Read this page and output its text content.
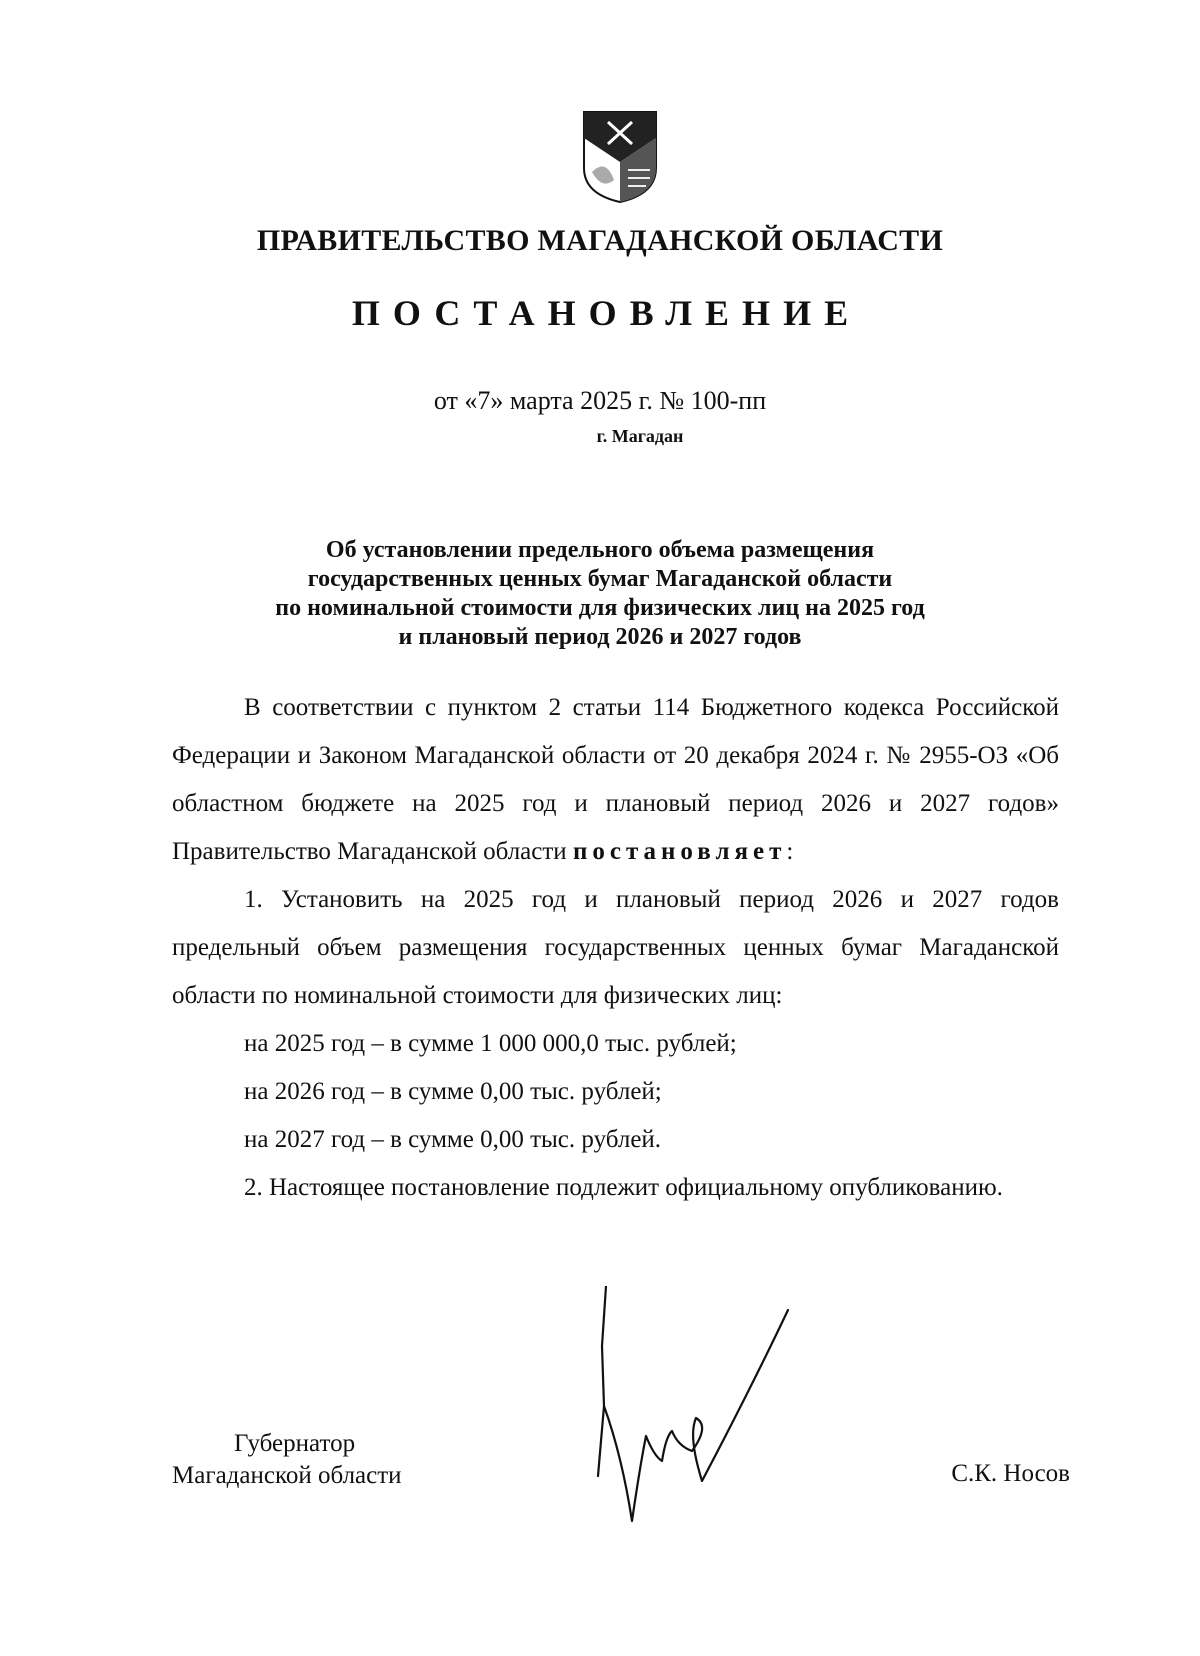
ПРАВИТЕЛЬСТВО МАГАДАНСКОЙ ОБЛАСТИ
ПОСТАНОВЛЕНИЕ
от «7» марта 2025 г. № 100-пп
г. Магадан
Об установлении предельного объема размещения
государственных ценных бумаг Магаданской области
по номинальной стоимости для физических лиц на 2025 год
и плановый период 2026 и 2027 годов

В соответствии с пунктом 2 статьи 114 Бюджетного кодекса Российской Федерации и Законом Магаданской области от 20 декабря 2024 г. № 2955-ОЗ «Об областном бюджете на 2025 год и плановый период 2026 и 2027 годов» Правительство Магаданской области постановляет:

1. Установить на 2025 год и плановый период 2026 и 2027 годов предельный объем размещения государственных ценных бумаг Магаданской области по номинальной стоимости для физических лиц:

на 2025 год – в сумме 1 000 000,0 тыс. рублей;

на 2026 год – в сумме 0,00 тыс. рублей;

на 2027 год – в сумме 0,00 тыс. рублей.

2. Настоящее постановление подлежит официальному опубликованию.

Губернатор
Магаданской области	С.К. Носов
